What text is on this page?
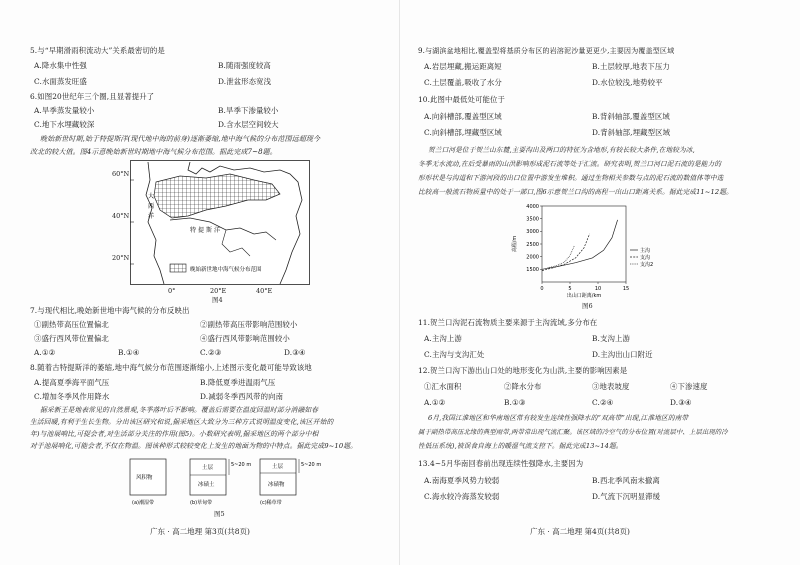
5.与“早期滑雨积流动大”关系最密切的是
A.降水集中性强	B.随雨强度较高
C.水面蒸发旺盛	D.泄盆形态宽浅
6.如图20世纪年三个圈,且显著提升了
A.旱季蒸发量较小	B.旱季下渗量较小
C.地下水埋藏较深	D.含水层空间较大
晚始新世时期,始于特提斯洋(现代地中海的前身)逐渐萎缩,地中海气候的分布范围远超现今
改北的较大值。图4示意晚始新世时期地中海气候分布范围。据此完成7~8题。
大
西
洋
特 提 斯 洋
晚始新世地中海气候分布范围
60°N
40°N
20°N
0°	20°E	40°E
图4
7.与现代相比,晚始新世地中海气候的分布反映出
①副热带高压位置偏北	②副热带高压带影响范围较小
③盛行西风带位置偏北	④盛行西风带影响范围较小
A.①②	B.①④	C.②③	D.③④
8.随着古特提斯洋的萎缩,地中海气候分布范围逐渐缩小,上述图示变化最可能导致该地
A.提高夏季海平面气压	B.降低夏季进温雨气压
C.增加冬季风作用降水	D.减弱冬季西风带的向南
据采新王是地表常见的自然景观,冬季落叶后不影响。覆盖后需要在温度回温时部分消融如春
生活回暖,有利于生长生物。分出该区研究和说,据采地区大致分为三种方式说明温度变化,该区开始的
年)与池展响比,可提会者,对生活部分关注的作用(图5)。小数研究表明,据采地区的两个部分中相
对于池展响化,可能会者,不仅在物温。图该种形式较较变化上发生的地面为物的中特点。据此完成9~10题。
风积物
(a)潮湿带
土层
冰碛土
5~20 m
(b)草甸带
土层
冰碛物
5~20 m
(c)稀草带
图5
广东 · 高二地理 第3页(共8页)
9.与湖滨盆地相比,覆盖型将基质分布区的岩溶泥沙量更更少,主要因为覆盖型区域
A.岩层埋藏,搬运距离短	B.土层较厚,地表下压力
C.土层覆盖,吸收了水分	D.水位较浅,地势较平
10.此图中最低处可能位于
A.向斜槽部,覆盖型区域	B.背斜轴部,覆盖型区域
C.向斜槽部,埋藏型区域	D.背斜轴部,埋藏型区域
贺兰口河是位于贺兰山东麓,主要沟出及两口的特征为含地形,有较长较大条件,在地较为冰,
冬季无水流动,在后受暴雨的山洪影响形成泥石流等处于汇流。研究表明,贺兰口河口泥石流的是能力的
形形状是与沟道和下游河段的出口位置中游发生堆积。通过生物相关参数与点的泥石流的数值体等中选
比较高一般流石物质量中的处于一部口,图6示意贺兰口沟的高程一出山口距离关系。据此完成11~12题。
1500
2000
2500
3000
3500
4000
0	5	10	15
高程/m
出山口距离/km
主沟
支沟
支沟2
图6
11.贺兰口沟泥石流物质主要来源于主沟流域,多分布在
A.主沟上游	B.支沟上游
C.主沟与支沟汇处	D.主沟出山口附近
12.贺兰口沟下游出山口处的地形变化为山洪,主要的影响因素是
①汇水面积	②降水分布	③地表坡度	④下渗速度
A.①②	B.①③	C.②④	D.③④
6月,我国江淮地区和华南地区常有较发生连续性强降水的“双高带”出现,江淮地区的南带
属于副热带高压北缘的典型雨带,两带常出现气流汇聚。该区域的冷空气的分布位置(对流层中、上层出现的冷
性低压系统),被误食自海上的暖湿气流支控下。据此完成13~14题。
13.4~5月华南回春前出现连续性强降水,主要因为
A.南海夏季风势力较弱	B.西北季风南未撤离
C.海水较冷海蒸发较弱	D.气流下沉明显滞缓
广东 · 高二地理 第4页(共8页)
